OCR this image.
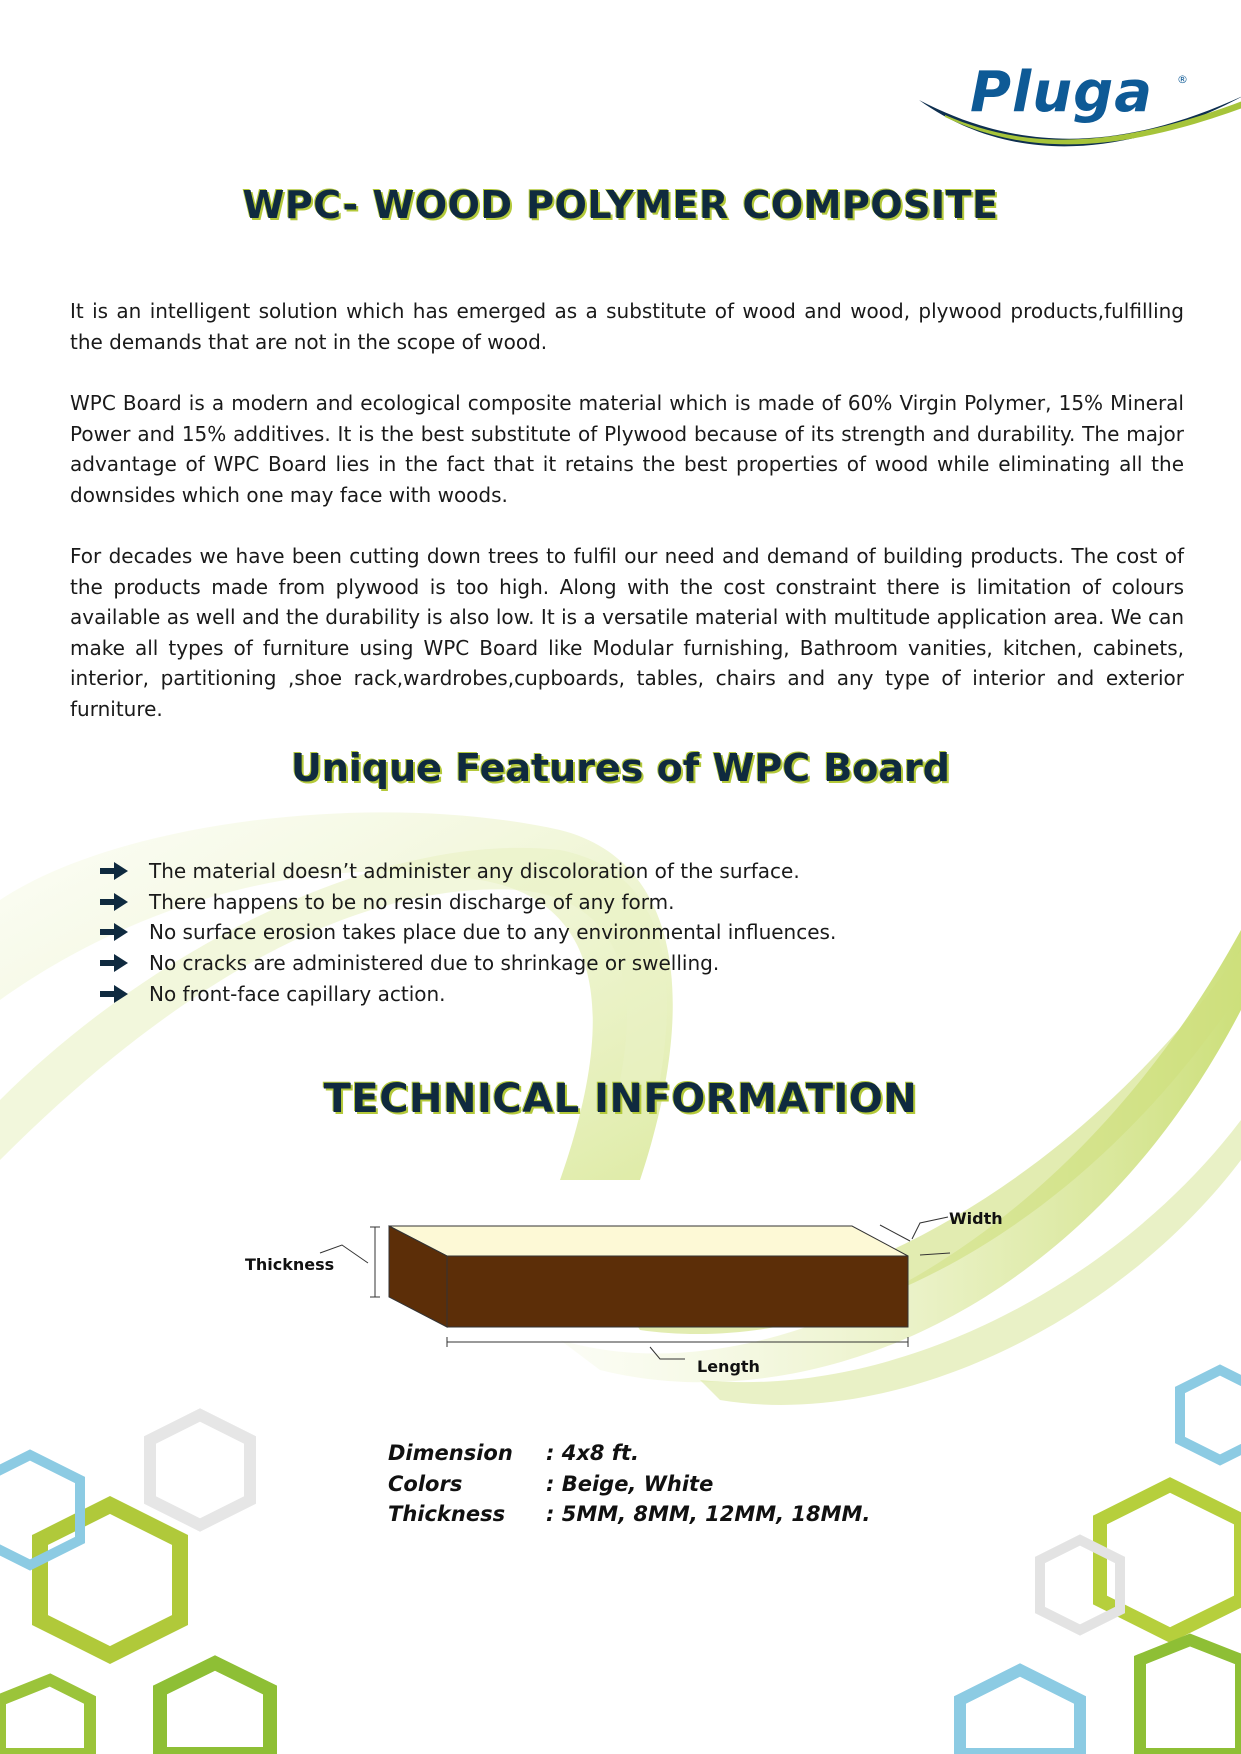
Pluga ®
WPC- WOOD POLYMER COMPOSITE

It is an intelligent solution which has emerged as a substitute of wood and wood, plywood products,fulfilling the demands that are not in the scope of wood.

WPC Board is a modern and ecological composite material which is made of 60% Virgin Polymer, 15% Mineral Power and 15% additives. It is the best substitute of Plywood because of its strength and durability. The major advantage of WPC Board lies in the fact that it retains the best properties of wood while eliminating all the downsides which one may face with woods.

For decades we have been cutting down trees to fulfil our need and demand of building products. The cost of the products made from plywood is too high. Along with the cost constraint there is limitation of colours available as well and the durability is also low. It is a versatile material with multitude application area. We can make all types of furniture using WPC Board like Modular furnishing, Bathroom vanities, kitchen, cabinets, interior, partitioning ,shoe rack,wardrobes,cupboards, tables, chairs and any type of interior and exterior furniture.

Unique Features of WPC Board
The material doesn’t administer any discoloration of the surface.
There happens to be no resin discharge of any form.
No surface erosion takes place due to any environmental influences.
No cracks are administered due to shrinkage or swelling.
No front-face capillary action.
TECHNICAL INFORMATION
Thickness
Width
Length
Dimension	: 4x8 ft.
Colors	: Beige, White
Thickness	: 5MM, 8MM, 12MM, 18MM.
